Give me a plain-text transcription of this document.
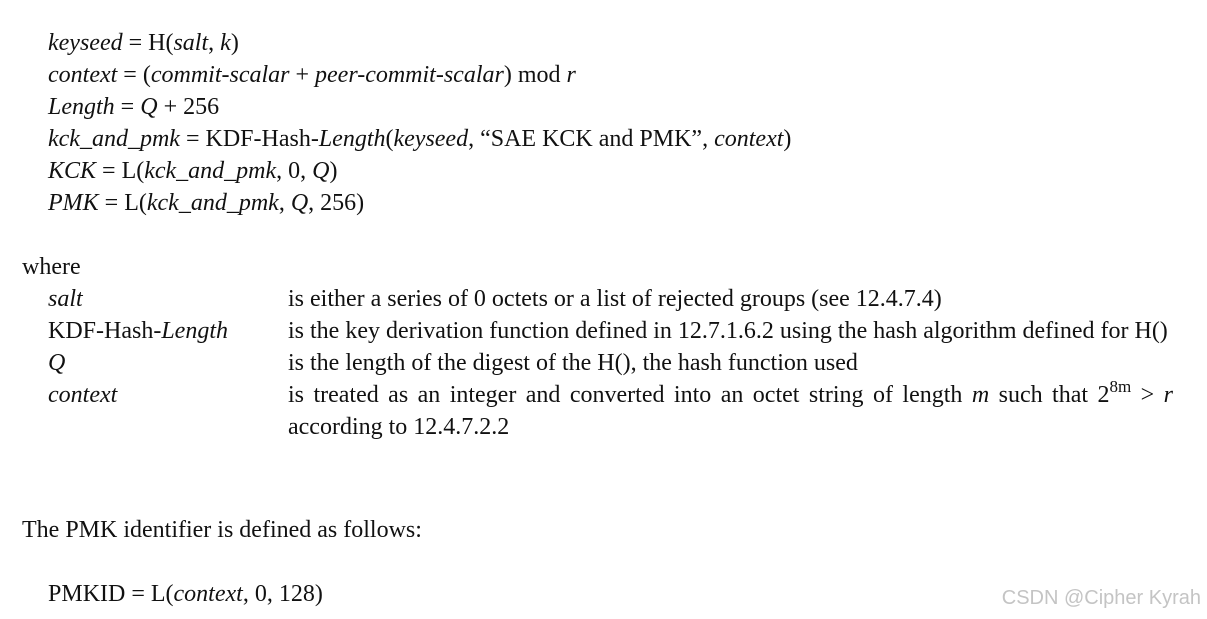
keyseed = H(salt, k)
context = (commit-scalar + peer-commit-scalar) mod r
Length = Q + 256
kck_and_pmk = KDF-Hash-Length(keyseed, “SAE KCK and PMK”, context)
KCK = L(kck_and_pmk, 0, Q)
PMK = L(kck_and_pmk, Q, 256)
where
salt	is either a series of 0 octets or a list of rejected groups (see 12.4.7.4)
KDF-Hash-Length	is the key derivation function defined in 12.7.1.6.2 using the hash algorithm defined for H()
Q	is the length of the digest of the H(), the hash function used
context	is treated as an integer and converted into an octet string of length m such that $2^{8m} > r$ according to 12.4.7.2.2
The PMK identifier is defined as follows:
PMKID = L(context, 0, 128)	CSDN @Cipher Kyrah
